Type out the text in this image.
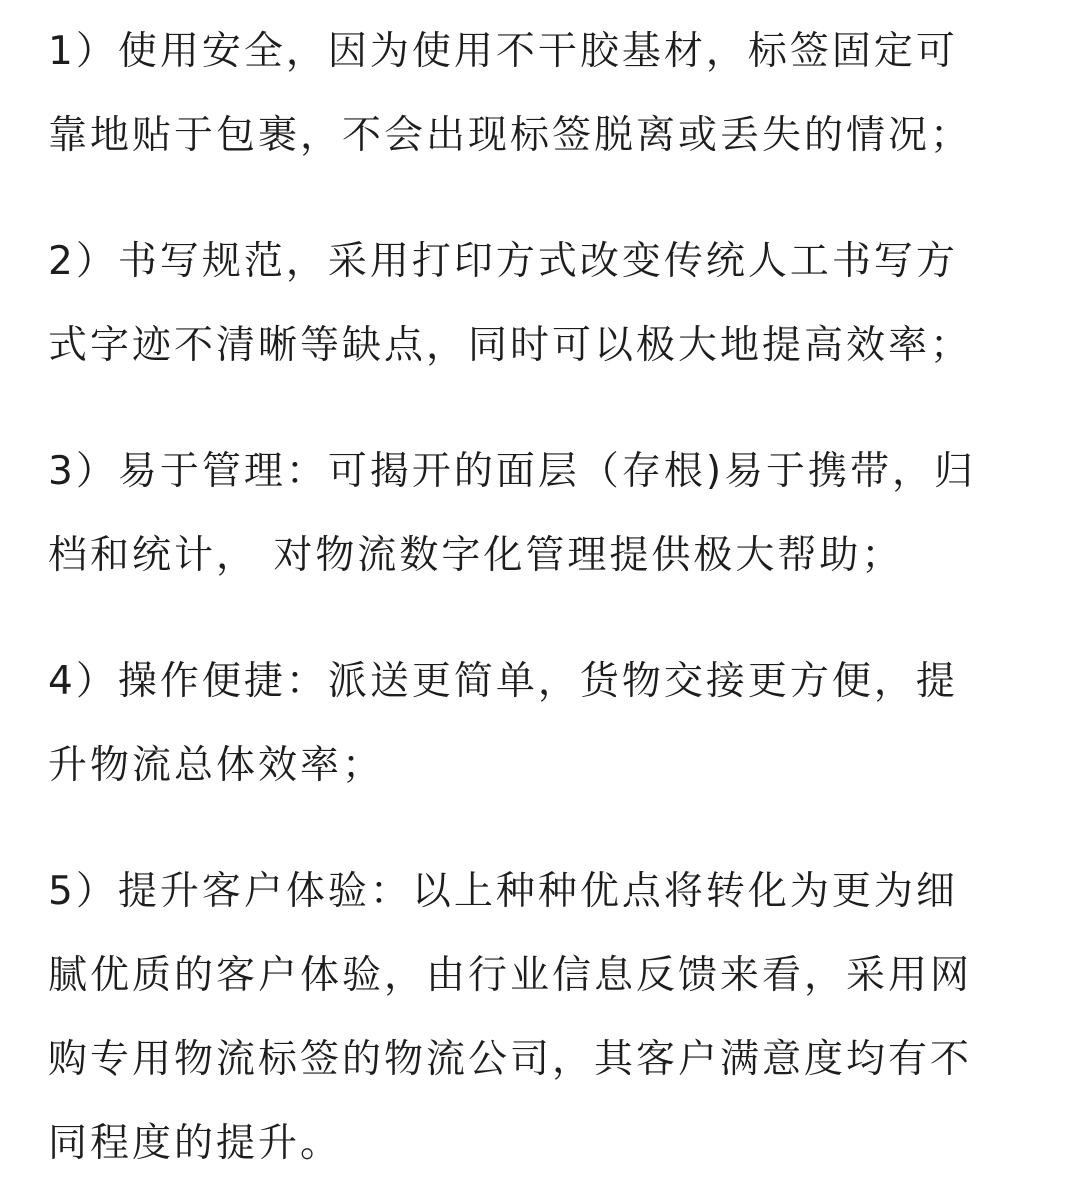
1）使用安全，因为使用不干胶基材，标签固定可
靠地贴于包裹，不会出现标签脱离或丢失的情况；
2）书写规范，采用打印方式改变传统人工书写方
式字迹不清晰等缺点，同时可以极大地提高效率；
3）易于管理：可揭开的面层（存根)易于携带，归
档和统计， 对物流数字化管理提供极大帮助；
4）操作便捷：派送更简单，货物交接更方便，提
升物流总体效率；
5）提升客户体验：以上种种优点将转化为更为细
腻优质的客户体验，由行业信息反馈来看，采用网
购专用物流标签的物流公司，其客户满意度均有不
同程度的提升。
